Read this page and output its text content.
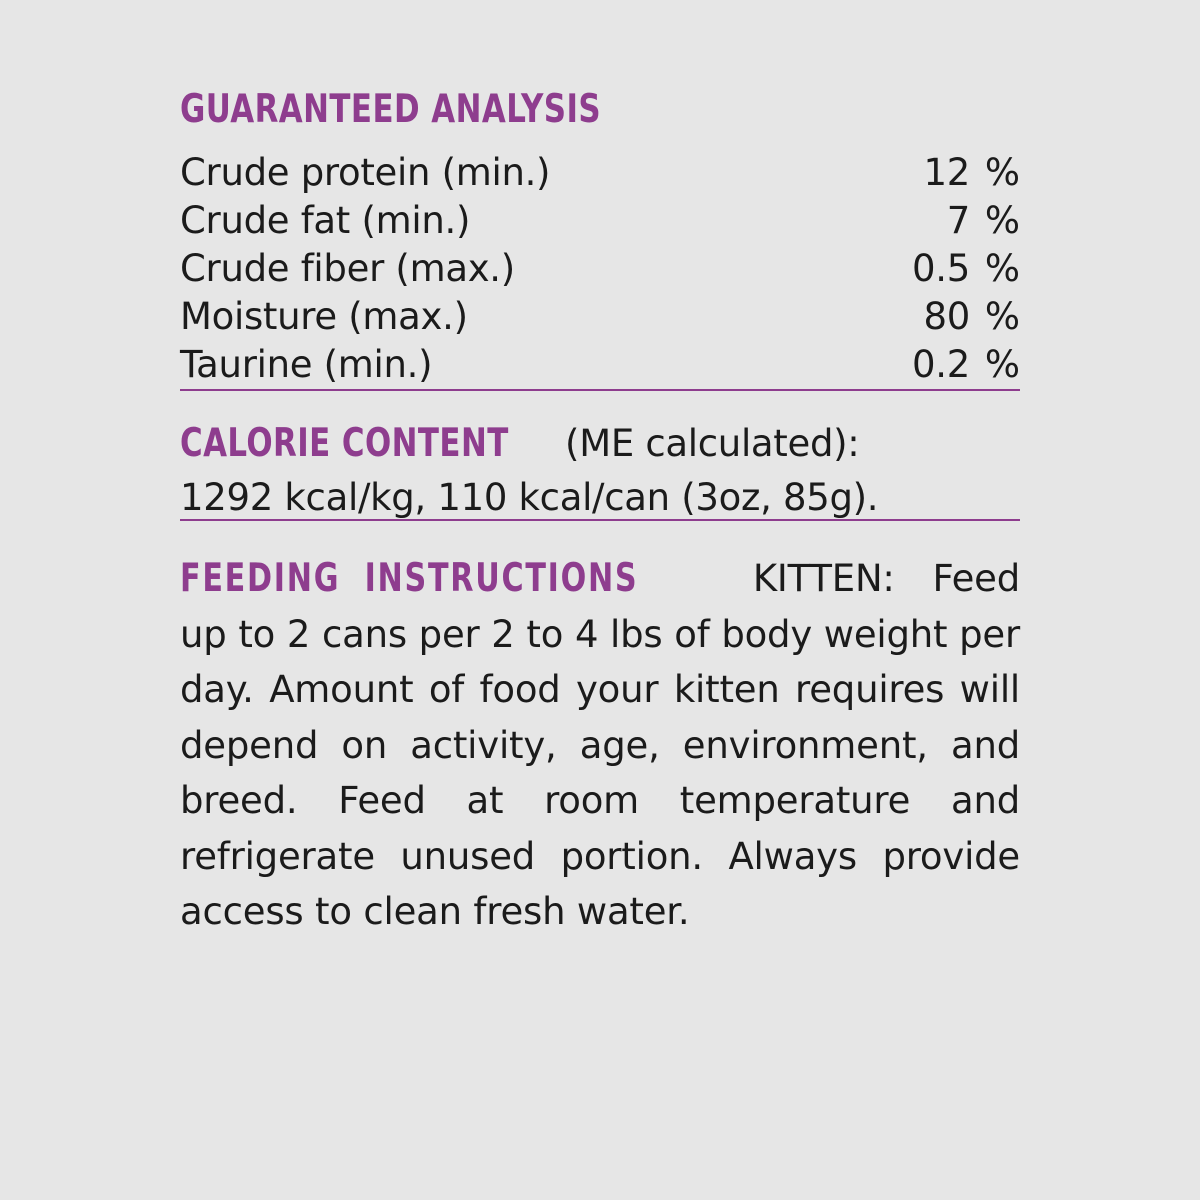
GUARANTEED ANALYSIS
Crude protein (min.)	12	%
Crude fat (min.)	7	%
Crude fiber (max.)	0.5	%
Moisture (max.)	80	%
Taurine (min.)	0.2	%
CALORIE CONTENT (ME calculated):
1292 kcal/kg, 110 kcal/can (3oz, 85g).
FEEDING  INSTRUCTIONS KITTEN: Feed up to 2 cans per 2 to 4 lbs of body weight per day. Amount of food your kitten requires will depend on activity, age, environment, and breed. Feed at room temperature and refrigerate unused portion. Always provide access to clean fresh water.
